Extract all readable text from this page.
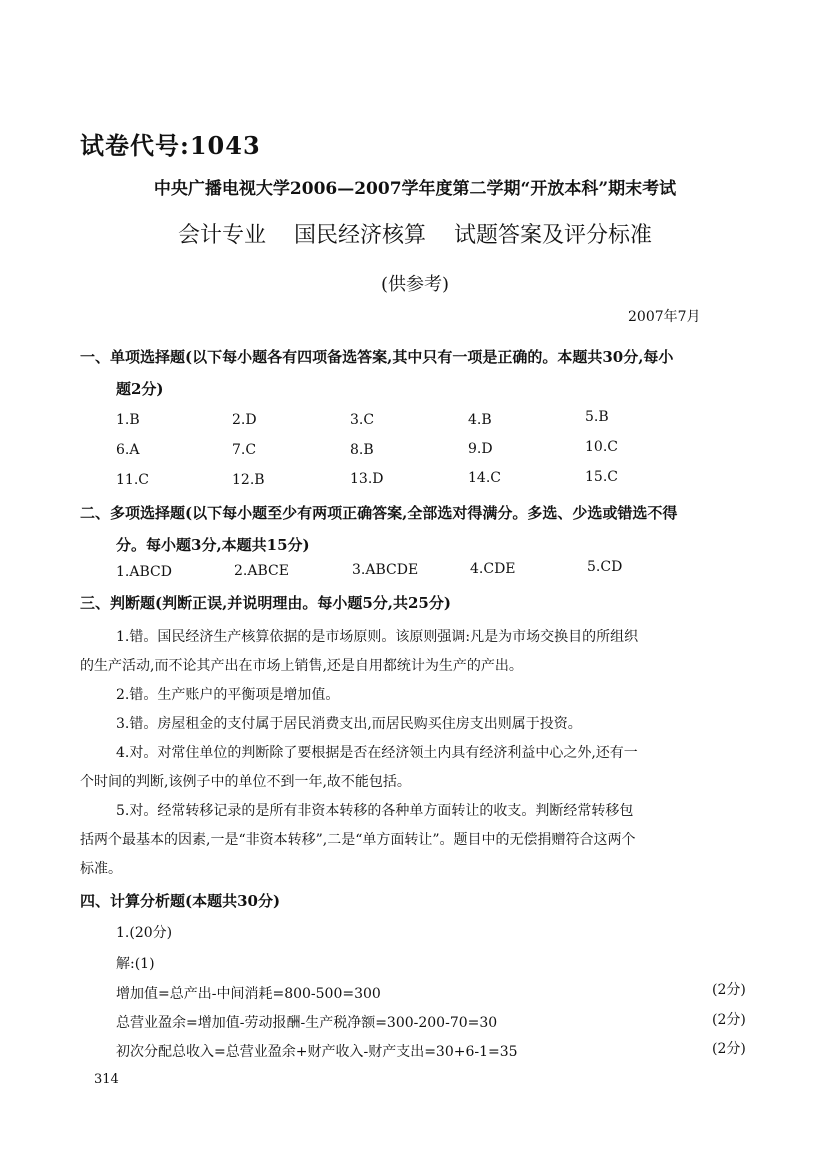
试卷代号:1043
中央广播电视大学2006—2007学年度第二学期“开放本科”期末考试
会计专业 国民经济核算 试题答案及评分标准
(供参考)
2007年7月
一、单项选择题(以下每小题各有四项备选答案,其中只有一项是正确的。本题共30分,每小
题2分)
1.B	2.D	3.C	4.B	5.B
6.A	7.C	8.B	9.D	10.C
11.C	12.B	13.D	14.C	15.C
二、多项选择题(以下每小题至少有两项正确答案,全部选对得满分。多选、少选或错选不得
分。每小题3分,本题共15分)
1.ABCD	2.ABCE	3.ABCDE	4.CDE	5.CD
三、判断题(判断正误,并说明理由。每小题5分,共25分)
1.错。国民经济生产核算依据的是市场原则。该原则强调:凡是为市场交换目的所组织
的生产活动,而不论其产出在市场上销售,还是自用都统计为生产的产出。
2.错。生产账户的平衡项是增加值。
3.错。房屋租金的支付属于居民消费支出,而居民购买住房支出则属于投资。
4.对。对常住单位的判断除了要根据是否在经济领土内具有经济利益中心之外,还有一
个时间的判断,该例子中的单位不到一年,故不能包括。
5.对。经常转移记录的是所有非资本转移的各种单方面转让的收支。判断经常转移包
括两个最基本的因素,一是“非资本转移”,二是“单方面转让”。题目中的无偿捐赠符合这两个
标准。
四、计算分析题(本题共30分)
1.(20分)
解:(1)
增加值=总产出-中间消耗=800-500=300	(2分)
总营业盈余=增加值-劳动报酬-生产税净额=300-200-70=30	(2分)
初次分配总收入=总营业盈余+财产收入-财产支出=30+6-1=35	(2分)
314
